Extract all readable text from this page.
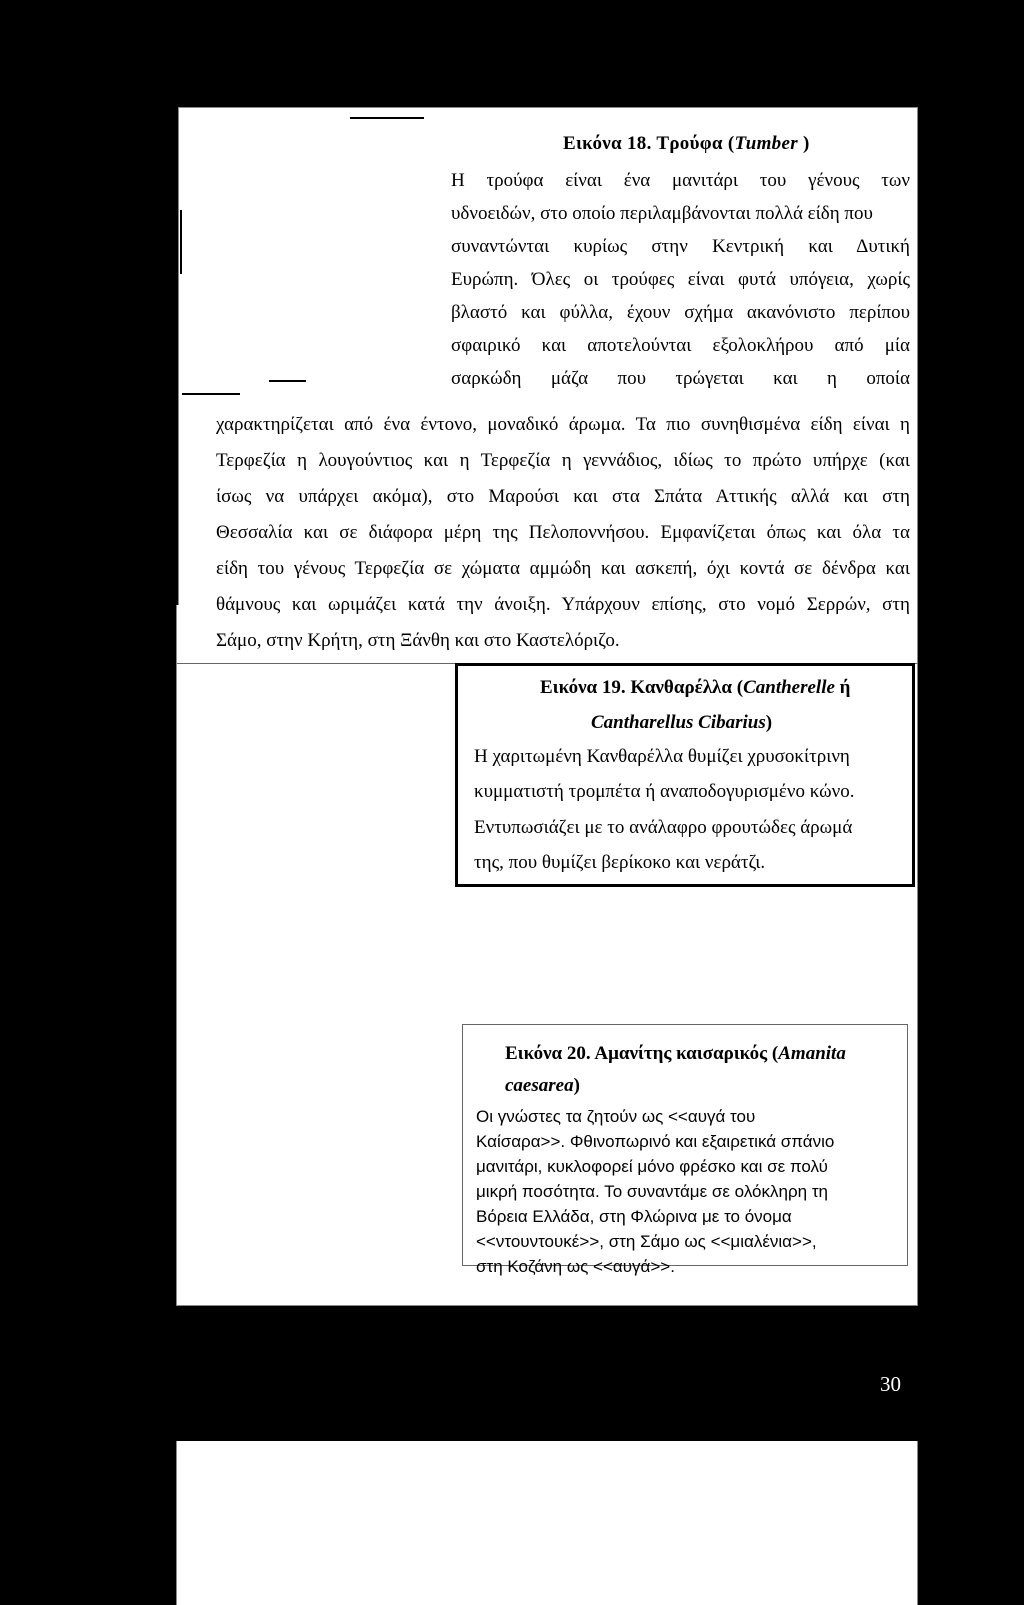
Εικόνα 18. Τρούφα (Tumber )
Η τρούφα είναι ένα μανιτάρι του γένους των
υδνοειδών, στο οποίο περιλαμβάνονται πολλά είδη που
συναντώνται κυρίως στην Κεντρική και Δυτική
Ευρώπη. Όλες οι τρούφες είναι φυτά υπόγεια, χωρίς
βλαστό και φύλλα, έχουν σχήμα ακανόνιστο περίπου
σφαιρικό και αποτελούνται εξολοκλήρου από μία
σαρκώδη μάζα που τρώγεται και η οποία
χαρακτηρίζεται από ένα έντονο, μοναδικό άρωμα. Τα πιο συνηθισμένα είδη είναι η
Τερφεζία η λουγούντιος και η Τερφεζία η γεννάδιος, ιδίως το πρώτο υπήρχε (και
ίσως να υπάρχει ακόμα), στο Μαρούσι και στα Σπάτα Αττικής αλλά και στη
Θεσσαλία και σε διάφορα μέρη της Πελοποννήσου. Εμφανίζεται όπως και όλα τα
είδη του γένους Τερφεζία σε χώματα αμμώδη και ασκεπή, όχι κοντά σε δένδρα και
θάμνους και ωριμάζει κατά την άνοιξη. Υπάρχουν επίσης, στο νομό Σερρών, στη
Σάμο, στην Κρήτη, στη Ξάνθη και στο Καστελόριζο.
Εικόνα 19. Κανθαρέλλα (Cantherelle ή
Cantharellus Cibarius)
Η χαριτωμένη Κανθαρέλλα θυμίζει χρυσοκίτρινη
κυμματιστή τρομπέτα ή αναποδογυρισμένο κώνο.
Εντυπωσιάζει με το ανάλαφρο φρουτώδες άρωμά
της, που θυμίζει βερίκοκο και νεράτζι.
Εικόνα 20. Αμανίτης καισαρικός (Amanita
caesarea)
Οι γνώστες τα ζητούν ως <<αυγά του
Καίσαρα>>. Φθινοπωρινό και εξαιρετικά σπάνιο
μανιτάρι, κυκλοφορεί μόνο φρέσκο και σε πολύ
μικρή ποσότητα. Το συναντάμε σε ολόκληρη τη
Βόρεια Ελλάδα, στη Φλώρινα με το όνομα
<<ντουντουκέ>>, στη Σάμο ως <<μιαλένια>>,
στη Κοζάνη ως <<αυγά>>.
30
